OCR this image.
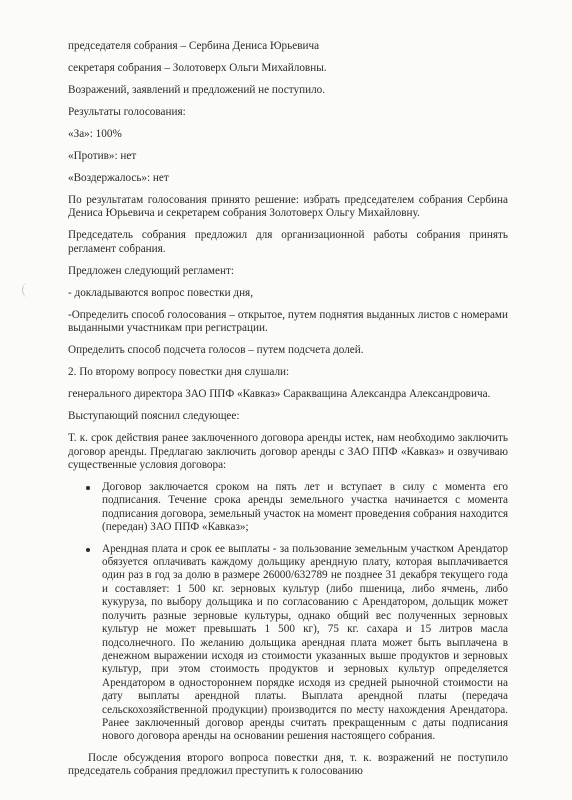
председателя собрания – Сербина Дениса Юрьевича

секретаря собрания – Золотоверх Ольги Михайловны.

Возражений, заявлений и предложений не поступило.

Результаты голосования:

«За»: 100%

«Против»: нет

«Воздержалось»: нет

По результатам голосования принято решение: избрать председателем собрания Сербина Дениса Юрьевича и секретарем собрания Золотоверх Ольгу Михайловну.

Председатель собрания предложил для организационной работы собрания принять регламент собрания.

Предложен следующий регламент:

- докладываются вопрос повестки дня,

-Определить способ голосования – открытое, путем поднятия выданных листов с номерами выданными участникам при регистрации.

Определить способ подсчета голосов – путем подсчета долей.

2. По второму вопросу повестки дня слушали:

генерального директора ЗАО ППФ «Кавказ» Саракващина Александра Александровича.

Выступающий пояснил следующее:

Т. к. срок действия ранее заключенного договора аренды истек, нам необходимо заключить договор аренды. Предлагаю заключить договор аренды с ЗАО ППФ «Кавказ» и озвучиваю существенные условия договора:

Договор заключается сроком на пять лет и вступает в силу с момента его подписания. Течение срока аренды земельного участка начинается с момента подписания договора, земельный участок на момент проведения собрания находится (передан) ЗАО ППФ «Кавказ»;
Арендная плата и срок ее выплаты - за пользование земельным участком Арендатор обязуется оплачивать каждому дольщику арендную плату, которая выплачивается один раз в год за долю в размере 26000/632789 не позднее 31 декабря текущего года и составляет: 1 500 кг. зерновых культур (либо пшеница, либо ячмень, либо кукуруза, по выбору дольщика и по согласованию с Арендатором, дольщик может получить разные зерновые культуры, однако общий вес полученных зерновых культур не может превышать 1 500 кг), 75 кг. сахара и 15 литров масла подсолнечного. По желанию дольщика арендная плата может быть выплачена в денежном выражении исходя из стоимости указанных выше продуктов и зерновых культур, при этом стоимость продуктов и зерновых культур определяется Арендатором в одностороннем порядке исходя из средней рыночной стоимости на дату выплаты арендной платы. Выплата арендной платы (передача сельскохозяйственной продукции) производится по месту нахождения Арендатора. Ранее заключенный договор аренды считать прекращенным с даты подписания нового договора аренды на основании решения настоящего собрания.

После обсуждения второго вопроса повестки дня, т. к. возражений не поступило председатель собрания предложил преступить к голосованию
